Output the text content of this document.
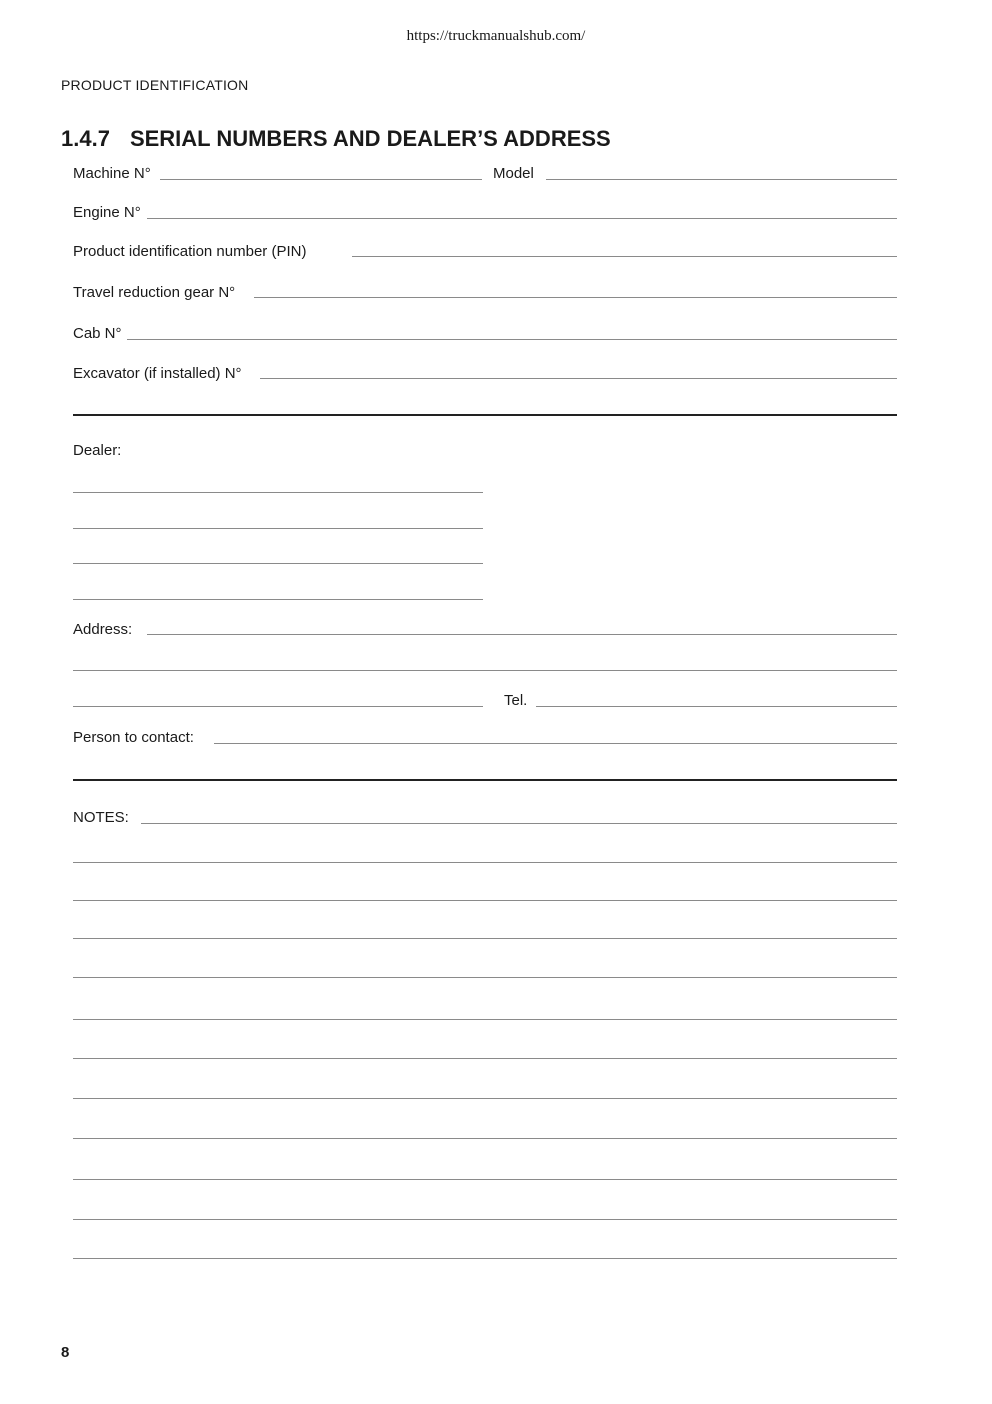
https://truckmanualshub.com/
PRODUCT IDENTIFICATION
1.4.7 SERIAL NUMBERS AND DEALER’S ADDRESS
Machine N°	Model
Engine N°
Product identification number (PIN)
Travel reduction gear N°
Cab N°
Excavator (if installed) N°
Dealer:
Address:
Tel.
Person to contact:
NOTES:
8
